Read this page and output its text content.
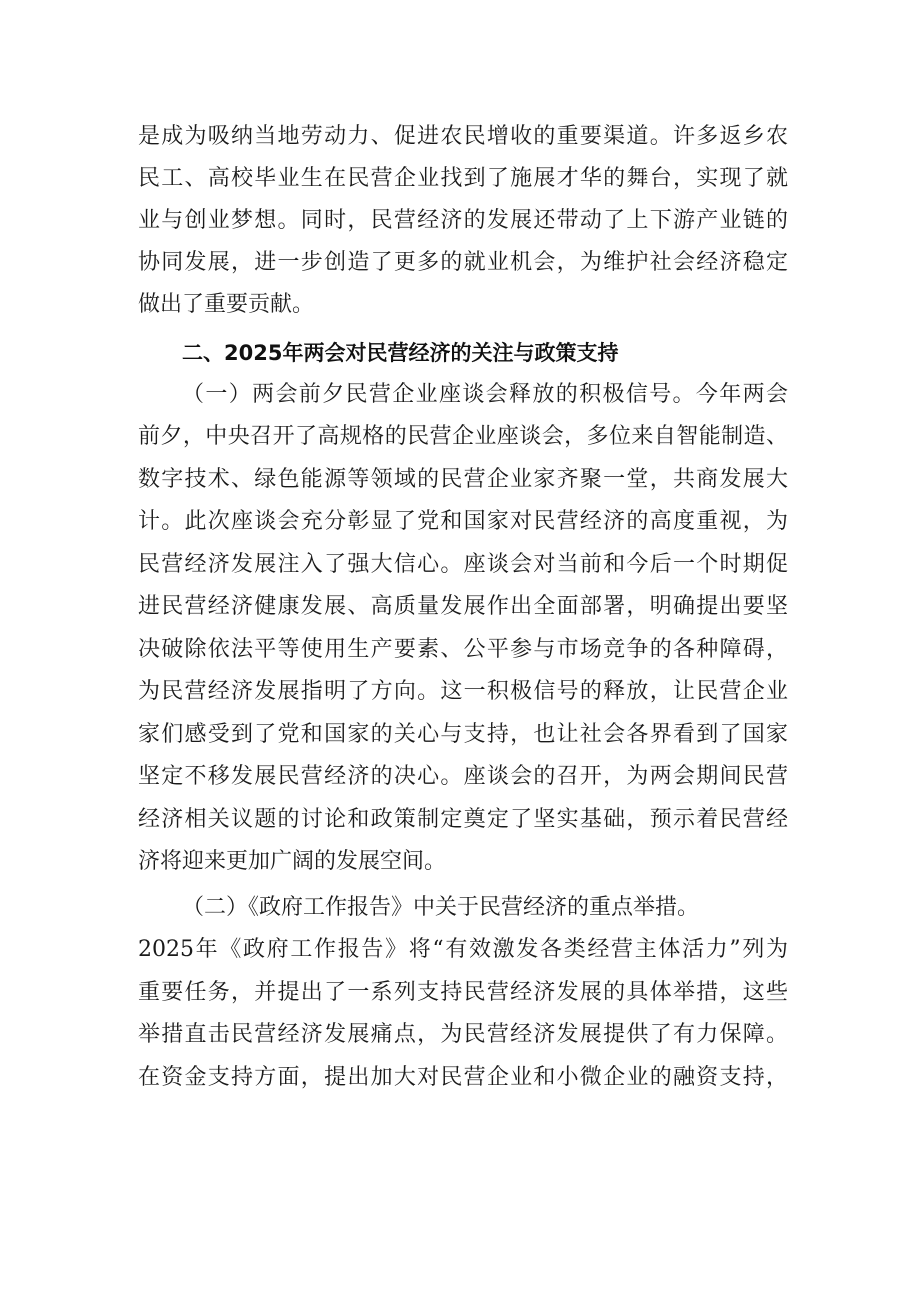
是成为吸纳当地劳动力、促进农民增收的重要渠道。许多返乡农
民工、高校毕业生在民营企业找到了施展才华的舞台，实现了就
业与创业梦想。同时，民营经济的发展还带动了上下游产业链的
协同发展，进一步创造了更多的就业机会，为维护社会经济稳定
做出了重要贡献。
二、2025年两会对民营经济的关注与政策支持
（一）两会前夕民营企业座谈会释放的积极信号。今年两会
前夕，中央召开了高规格的民营企业座谈会，多位来自智能制造、
数字技术、绿色能源等领域的民营企业家齐聚一堂，共商发展大
计。此次座谈会充分彰显了党和国家对民营经济的高度重视，为
民营经济发展注入了强大信心。座谈会对当前和今后一个时期促
进民营经济健康发展、高质量发展作出全面部署，明确提出要坚
决破除依法平等使用生产要素、公平参与市场竞争的各种障碍，
为民营经济发展指明了方向。这一积极信号的释放，让民营企业
家们感受到了党和国家的关心与支持，也让社会各界看到了国家
坚定不移发展民营经济的决心。座谈会的召开，为两会期间民营
经济相关议题的讨论和政策制定奠定了坚实基础，预示着民营经
济将迎来更加广阔的发展空间。
（二）《政府工作报告》中关于民营经济的重点举措。
2025年《政府工作报告》将“有效激发各类经营主体活力”列为
重要任务，并提出了一系列支持民营经济发展的具体举措，这些
举措直击民营经济发展痛点，为民营经济发展提供了有力保障。
在资金支持方面，提出加大对民营企业和小微企业的融资支持，
